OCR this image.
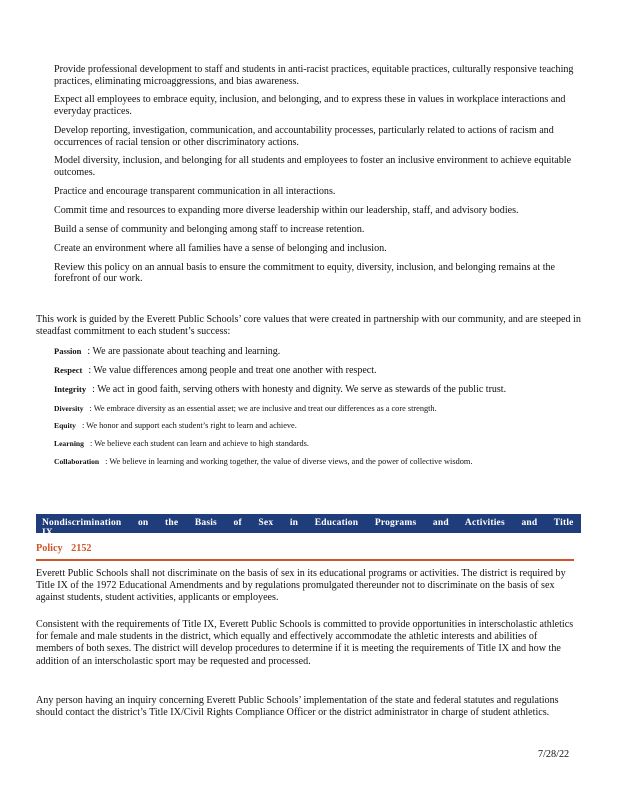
Provide professional development to staff and students in anti-racist practices, equitable practices, culturally responsive teaching practices, eliminating microaggressions, and bias awareness.
Expect all employees to embrace equity, inclusion, and belonging, and to express these in values in workplace interactions and everyday practices.
Develop reporting, investigation, communication, and accountability processes, particularly related to actions of racism and occurrences of racial tension or other discriminatory actions.
Model diversity, inclusion, and belonging for all students and employees to foster an inclusive environment to achieve equitable outcomes.
Practice and encourage transparent communication in all interactions.
Commit time and resources to expanding more diverse leadership within our leadership, staff, and advisory bodies.
Build a sense of community and belonging among staff to increase retention.
Create an environment where all families have a sense of belonging and inclusion.
Review this policy on an annual basis to ensure the commitment to equity, diversity, inclusion, and belonging remains at the forefront of our work.

This work is guided by the Everett Public Schools’ core values that were created in partnership with our community, and are steeped in steadfast commitment to each student’s success:

Passion : We are passionate about teaching and learning.
Respect : We value differences among people and treat one another with respect.
Integrity : We act in good faith, serving others with honesty and dignity. We serve as stewards of the public trust.
Diversity : We embrace diversity as an essential asset; we are inclusive and treat our differences as a core strength.
Equity : We honor and support each student’s right to learn and achieve.
Learning : We believe each student can learn and achieve to high standards.
Collaboration : We believe in learning and working together, the value of diverse views, and the power of collective wisdom.
Nondiscrimination on the Basis of Sex in Education Programs and Activities and Title IX
Policy 2152

Everett Public Schools shall not discriminate on the basis of sex in its educational programs or activities. The district is required by Title IX of the 1972 Educational Amendments and by regulations promulgated thereunder not to discriminate on the basis of sex against students, student activities, applicants or employees.

Consistent with the requirements of Title IX, Everett Public Schools is committed to provide opportunities in interscholastic athletics for female and male students in the district, which equally and effectively accommodate the athletic interests and abilities of members of both sexes. The district will develop procedures to determine if it is meeting the requirements of Title IX and how the addition of an interscholastic sport may be requested and processed.

Any person having an inquiry concerning Everett Public Schools’ implementation of the state and federal statutes and regulations should contact the district’s Title IX/Civil Rights Compliance Officer or the district administrator in charge of student athletics.

7/28/22
